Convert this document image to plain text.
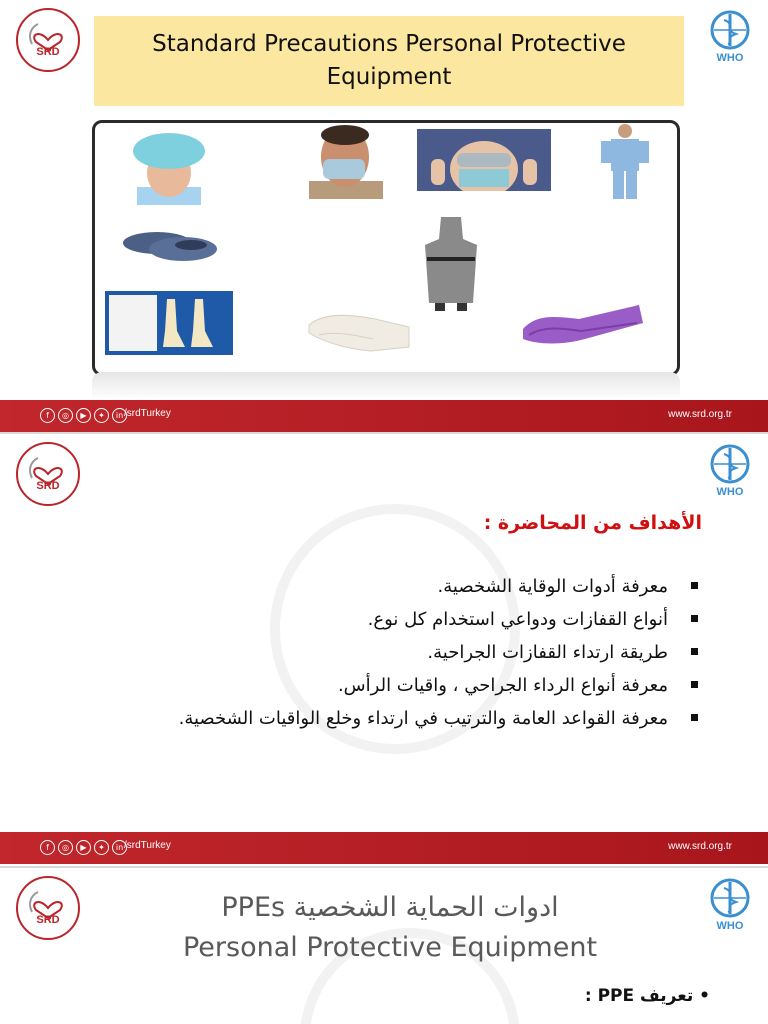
SRD	WHO
Standard Precautions Personal Protective Equipment
f	◎	▶	✦	in /srdTurkey	www.srd.org.tr
SRD	WHO
الأهداف من المحاضرة :
معرفة أدوات الوقاية الشخصية.
أنواع القفازات ودواعي استخدام كل نوع.
طريقة ارتداء القفازات الجراحية.
معرفة أنواع الرداء الجراحي ، واقيات الرأس.
معرفة القواعد العامة والترتيب في ارتداء وخلع الواقيات الشخصية.
f	◎	▶	✦	in /srdTurkey	www.srd.org.tr
SRD	WHO
ادوات الحماية الشخصية PPEs
Personal Protective Equipment
• تعريف PPE :
